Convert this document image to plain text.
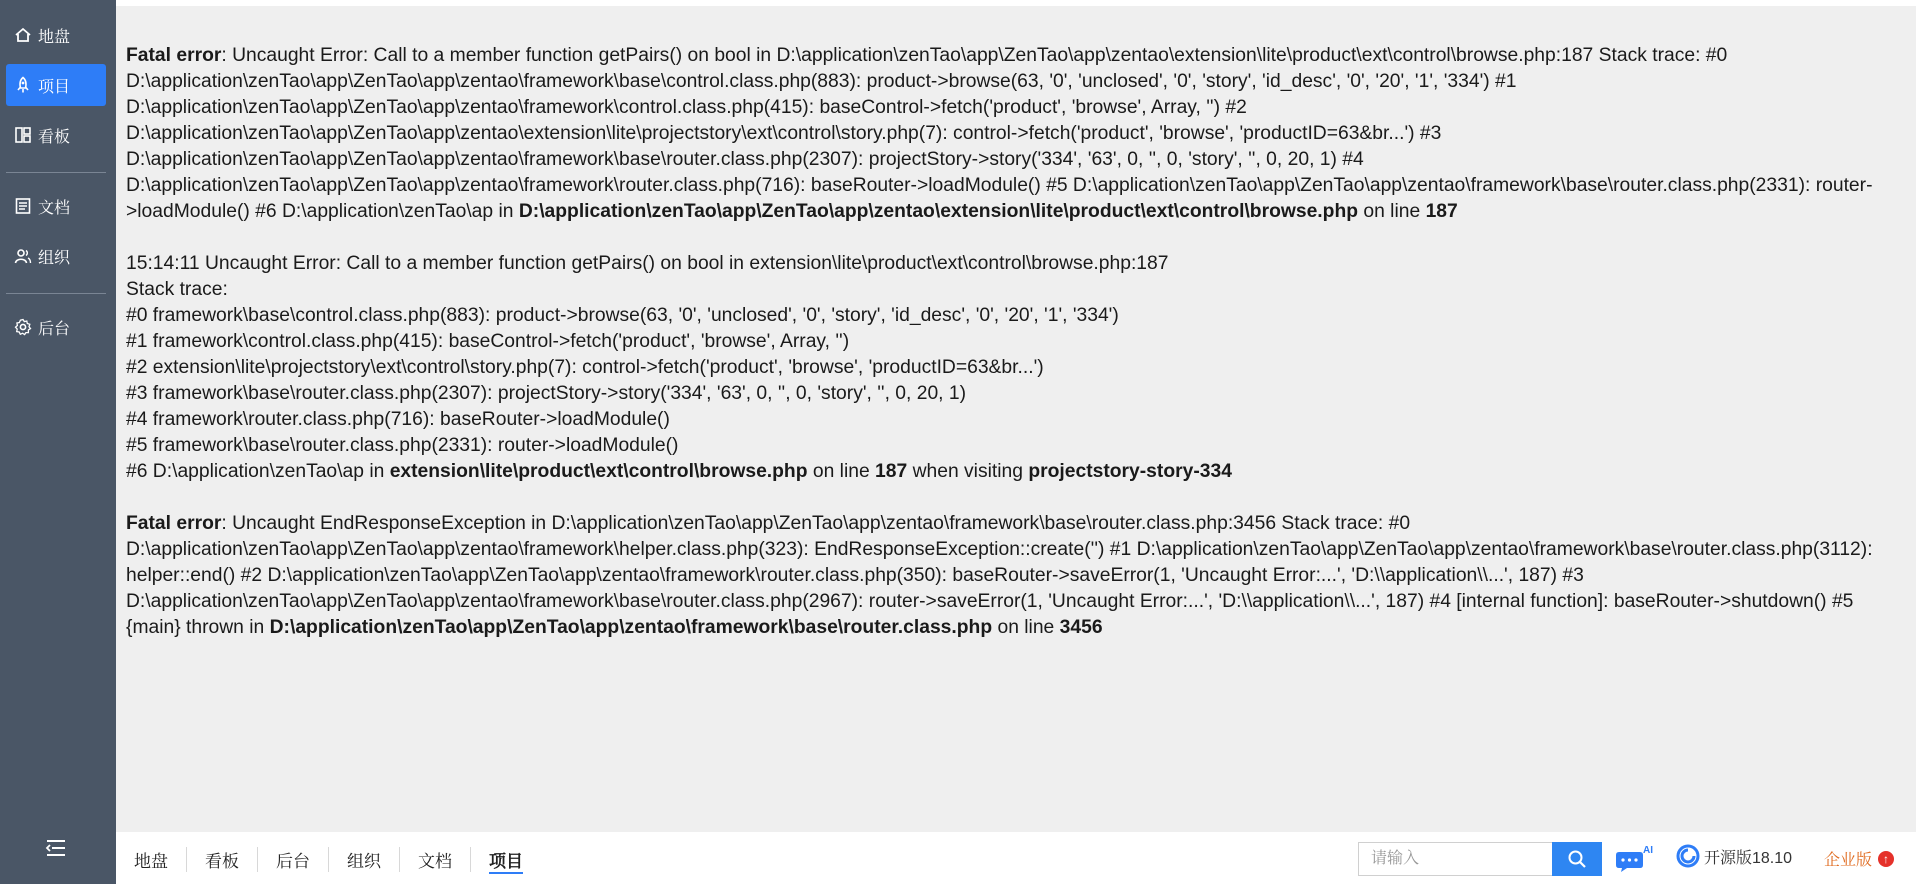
地盘
项目
看板
文档
组织
后台

Fatal error: Uncaught Error: Call to a member function getPairs() on bool in D:\application\zenTao\app\ZenTao\app\zentao\extension\lite\product\ext\control\browse.php:187 Stack trace: #0 D:\application\zenTao\app\ZenTao\app\zentao\framework\base\control.class.php(883): product->browse(63, '0', 'unclosed', '0', 'story', 'id_desc', '0', '20', '1', '334') #1 D:\application\zenTao\app\ZenTao\app\zentao\framework\control.class.php(415): baseControl->fetch('product', 'browse', Array, '') #2 D:\application\zenTao\app\ZenTao\app\zentao\extension\lite\projectstory\ext\control\story.php(7): control->fetch('product', 'browse', 'productID=63&br...') #3 D:\application\zenTao\app\ZenTao\app\zentao\framework\base\router.class.php(2307): projectStory->story('334', '63', 0, '', 0, 'story', '', 0, 20, 1) #4 D:\application\zenTao\app\ZenTao\app\zentao\framework\router.class.php(716): baseRouter->loadModule() #5 D:\application\zenTao\app\ZenTao\app\zentao\framework\base\router.class.php(2331): router->loadModule() #6 D:\application\zenTao\ap in D:\application\zenTao\app\ZenTao\app\zentao\extension\lite\product\ext\control\browse.php on line 187

15:14:11 Uncaught Error: Call to a member function getPairs() on bool in extension\lite\product\ext\control\browse.php:187
Stack trace:
#0 framework\base\control.class.php(883): product->browse(63, '0', 'unclosed', '0', 'story', 'id_desc', '0', '20', '1', '334')
#1 framework\control.class.php(415): baseControl->fetch('product', 'browse', Array, '')
#2 extension\lite\projectstory\ext\control\story.php(7): control->fetch('product', 'browse', 'productID=63&br...')
#3 framework\base\router.class.php(2307): projectStory->story('334', '63', 0, '', 0, 'story', '', 0, 20, 1)
#4 framework\router.class.php(716): baseRouter->loadModule()
#5 framework\base\router.class.php(2331): router->loadModule()
#6 D:\application\zenTao\ap in extension\lite\product\ext\control\browse.php on line 187 when visiting projectstory-story-334

Fatal error: Uncaught EndResponseException in D:\application\zenTao\app\ZenTao\app\zentao\framework\base\router.class.php:3456 Stack trace: #0 D:\application\zenTao\app\ZenTao\app\zentao\framework\helper.class.php(323): EndResponseException::create('') #1 D:\application\zenTao\app\ZenTao\app\zentao\framework\base\router.class.php(3112): helper::end() #2 D:\application\zenTao\app\ZenTao\app\zentao\framework\router.class.php(350): baseRouter->saveError(1, 'Uncaught Error:...', 'D:\\application\\...', 187) #3 D:\application\zenTao\app\ZenTao\app\zentao\framework\base\router.class.php(2967): router->saveError(1, 'Uncaught Error:...', 'D:\\application\\...', 187) #4 [internal function]: baseRouter->shutdown() #5 {main} thrown in D:\application\zenTao\app\ZenTao\app\zentao\framework\base\router.class.php on line 3456

地盘	看板	后台	组织	文档	项目
请输入
AI	开源版18.10 企业版 ↑
